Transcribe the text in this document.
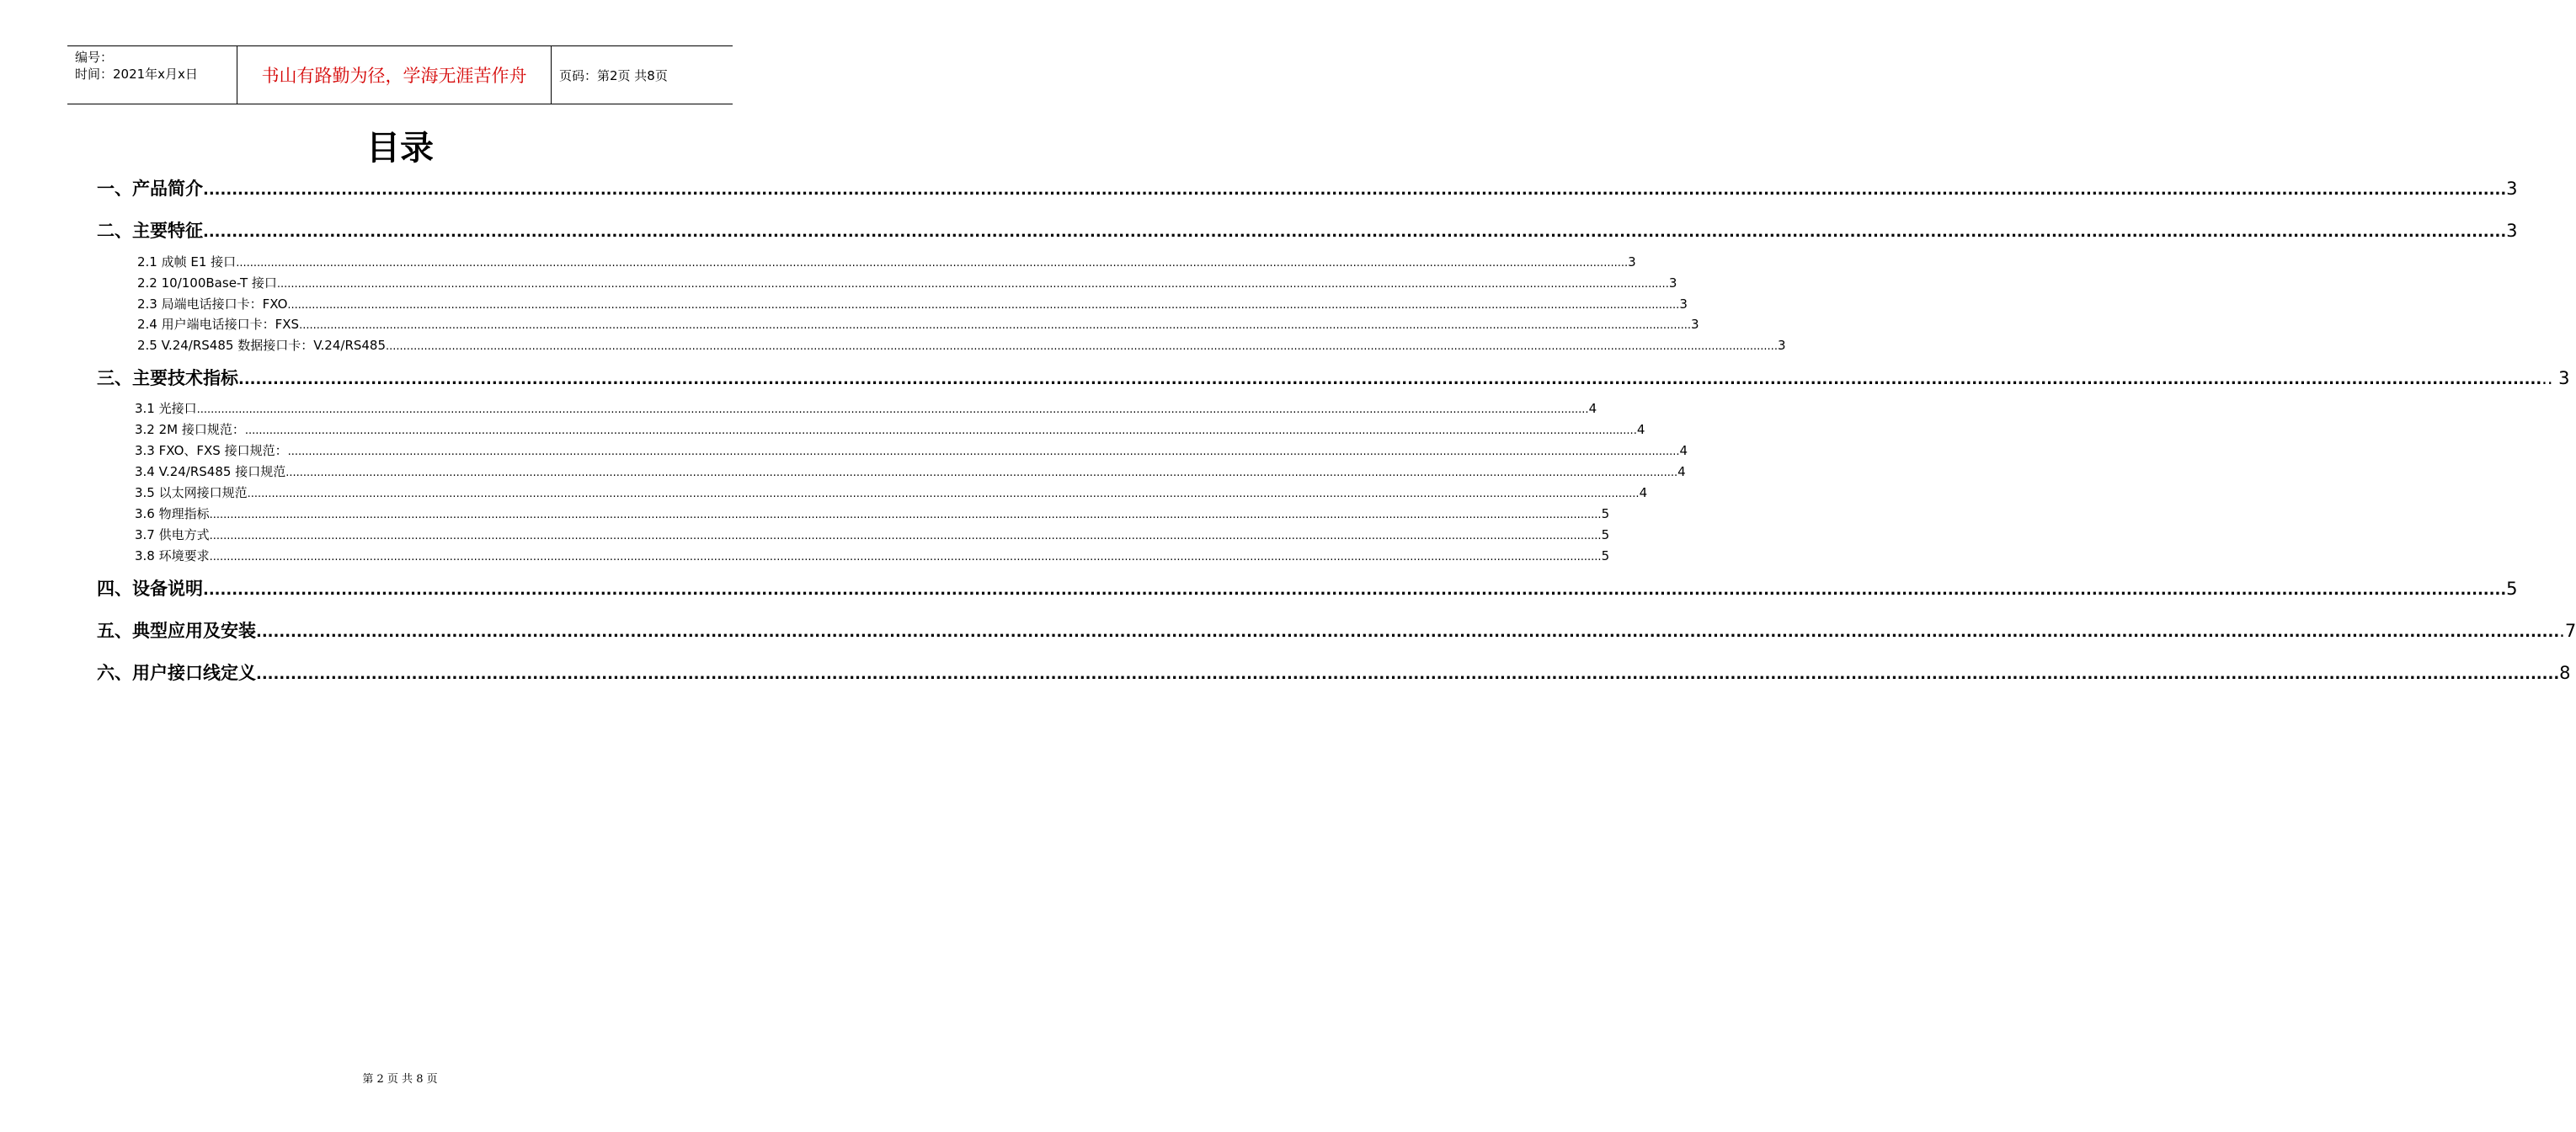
编号：
时间：2021年x月x日	书山有路勤为径，学海无涯苦作舟	页码：第2页 共8页
目录
一、产品简介 ................................................................................................................................................................................................................................................................................................................................................................................................................ 3
二、主要特征 ................................................................................................................................................................................................................................................................................................................................................................................................................ 3
2.1 成帧 E1 接口 ................................................................................................................................................................................................................................................................................................................................................................................................................ 3
2.2 10/100Base-T 接口 ................................................................................................................................................................................................................................................................................................................................................................................................................ 3
2.3 局端电话接口卡：FXO ................................................................................................................................................................................................................................................................................................................................................................................................................ 3
2.4 用户端电话接口卡：FXS ................................................................................................................................................................................................................................................................................................................................................................................................................ 3
2.5 V.24/RS485 数据接口卡：V.24/RS485 ................................................................................................................................................................................................................................................................................................................................................................................................................ 3
三、主要技术指标 ................................................................................................................................................................................................................................................................................................................................................................................................................ .. 3
3.1 光接口 ................................................................................................................................................................................................................................................................................................................................................................................................................ 4
3.2 2M 接口规范： ................................................................................................................................................................................................................................................................................................................................................................................................................ 4
3.3 FXO、FXS 接口规范： ................................................................................................................................................................................................................................................................................................................................................................................................................ 4
3.4 V.24/RS485 接口规范 ................................................................................................................................................................................................................................................................................................................................................................................................................ 4
3.5 以太网接口规范 ................................................................................................................................................................................................................................................................................................................................................................................................................ 4
3.6 物理指标 ................................................................................................................................................................................................................................................................................................................................................................................................................ 5
3.7 供电方式 ................................................................................................................................................................................................................................................................................................................................................................................................................ 5
3.8 环境要求 ................................................................................................................................................................................................................................................................................................................................................................................................................ 5
四、设备说明 ................................................................................................................................................................................................................................................................................................................................................................................................................ 5
五、典型应用及安装 ................................................................................................................................................................................................................................................................................................................................................................................................................ .7
六、用户接口线定义 ................................................................................................................................................................................................................................................................................................................................................................................................................ 8
第 2 页 共 8 页
